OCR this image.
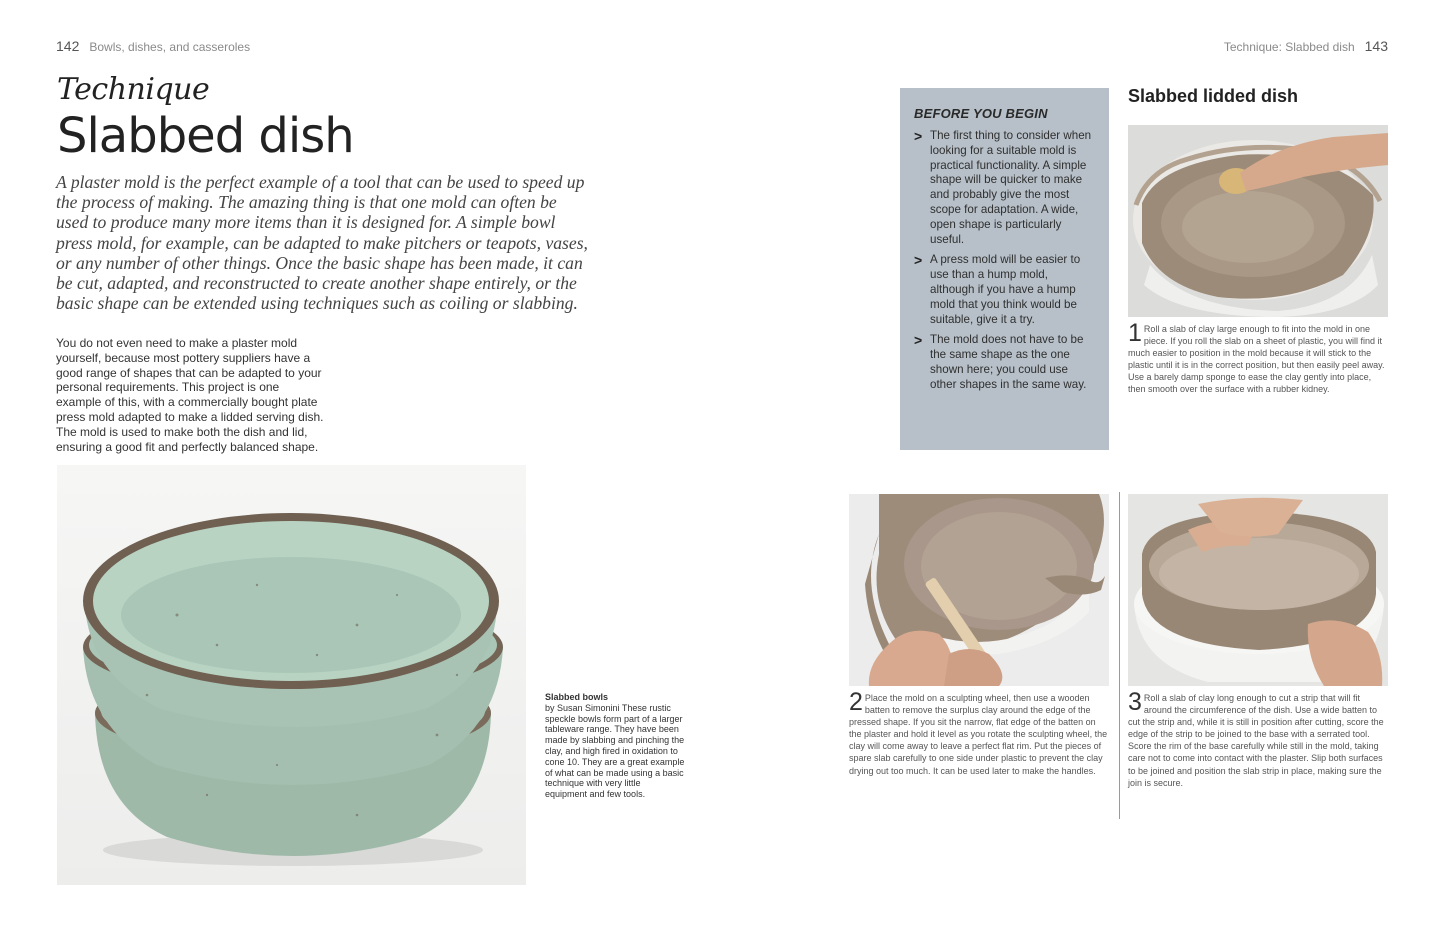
142 Bowls, dishes, and casseroles	Technique: Slabbed dish 143
Technique
Slabbed dish

A plaster mold is the perfect example of a tool that can be used to speed up the process of making. The amazing thing is that one mold can often be used to produce many more items than it is designed for. A simple bowl press mold, for example, can be adapted to make pitchers or teapots, vases, or any number of other things. Once the basic shape has been made, it can be cut, adapted, and reconstructed to create another shape entirely, or the basic shape can be extended using techniques such as coiling or slabbing.

You do not even need to make a plaster mold yourself, because most pottery suppliers have a good range of shapes that can be adapted to your personal requirements. This project is one example of this, with a commercially bought plate press mold adapted to make a lidded serving dish. The mold is used to make both the dish and lid, ensuring a good fit and perfectly balanced shape.

Slabbed bowls
by Susan Simonini These rustic speckle bowls form part of a larger tableware range. They have been made by slabbing and pinching the clay, and high fired in oxidation to cone 10. They are a great example of what can be made using a basic technique with very little equipment and few tools.
BEFORE YOU BEGIN
> The first thing to consider when looking for a suitable mold is practical functionality. A simple shape will be quicker to make and probably give the most scope for adaptation. A wide, open shape is particularly useful.
> A press mold will be easier to use than a hump mold, although if you have a hump mold that you think would be suitable, give it a try.
> The mold does not have to be the same shape as the one shown here; you could use other shapes in the same way.
Slabbed lidded dish
1 Roll a slab of clay large enough to fit into the mold in one piece. If you roll the slab on a sheet of plastic, you will find it much easier to position in the mold because it will stick to the plastic until it is in the correct position, but then easily peel away. Use a barely damp sponge to ease the clay gently into place, then smooth over the surface with a rubber kidney.
2 Place the mold on a sculpting wheel, then use a wooden batten to remove the surplus clay around the edge of the pressed shape. If you sit the narrow, flat edge of the batten on the plaster and hold it level as you rotate the sculpting wheel, the clay will come away to leave a perfect flat rim. Put the pieces of spare slab carefully to one side under plastic to prevent the clay drying out too much. It can be used later to make the handles.
3 Roll a slab of clay long enough to cut a strip that will fit around the circumference of the dish. Use a wide batten to cut the strip and, while it is still in position after cutting, score the edge of the strip to be joined to the base with a serrated tool. Score the rim of the base carefully while still in the mold, taking care not to come into contact with the plaster. Slip both surfaces to be joined and position the slab strip in place, making sure the join is secure.
